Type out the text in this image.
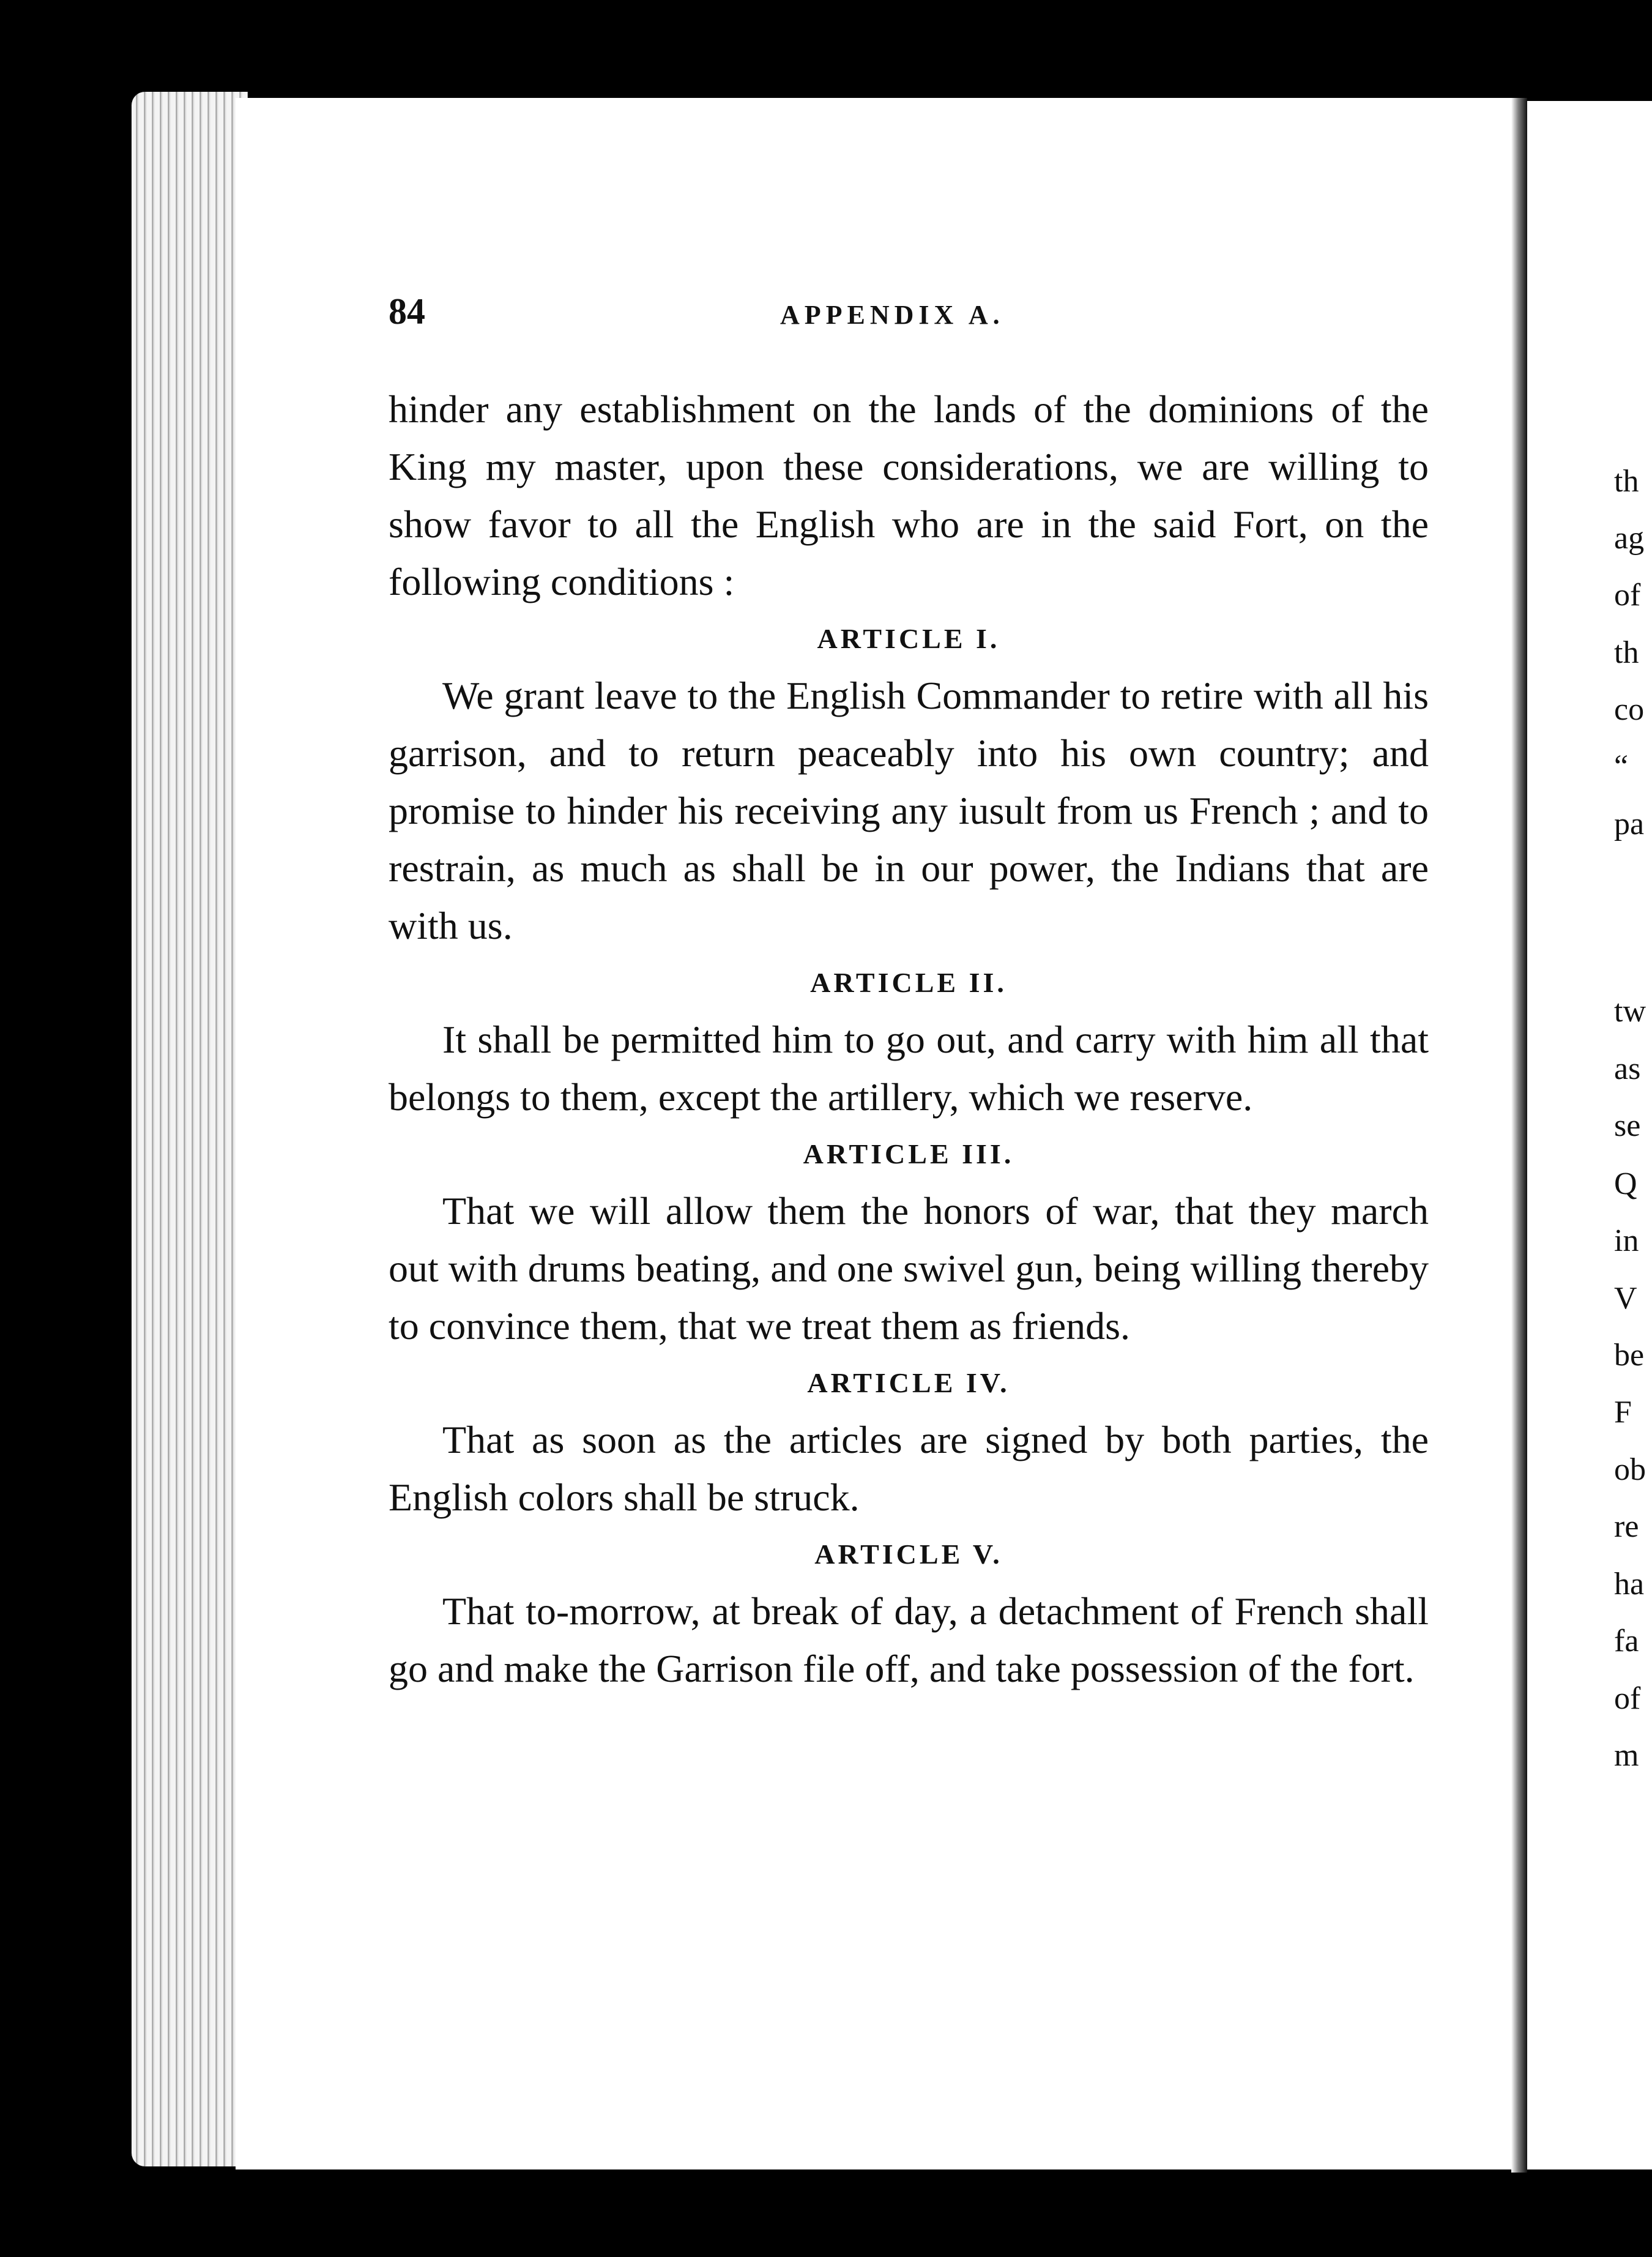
th
ag
of
th
co
“
pa
tw
as
se
Q
in
V
be
F
ob
re
ha
fa
of
m
84	APPENDIX A.

hinder any establishment on the lands of the dominions of the King my master, upon these considerations, we are willing to show favor to all the English who are in the said Fort, on the following conditions :

ARTICLE I.

We grant leave to the English Commander to retire with all his garrison, and to return peaceably into his own country; and promise to hinder his receiving any iusult from us French ; and to restrain, as much as shall be in our power, the Indians that are with us.

ARTICLE II.

It shall be permitted him to go out, and carry with him all that belongs to them, except the artillery, which we reserve.

ARTICLE III.

That we will allow them the honors of war, that they march out with drums beating, and one swivel gun, being willing thereby to convince them, that we treat them as friends.

ARTICLE IV.

That as soon as the articles are signed by both parties, the English colors shall be struck.

ARTICLE V.

That to-morrow, at break of day, a detachment of French shall go and make the Garrison file off, and take possession of the fort.
